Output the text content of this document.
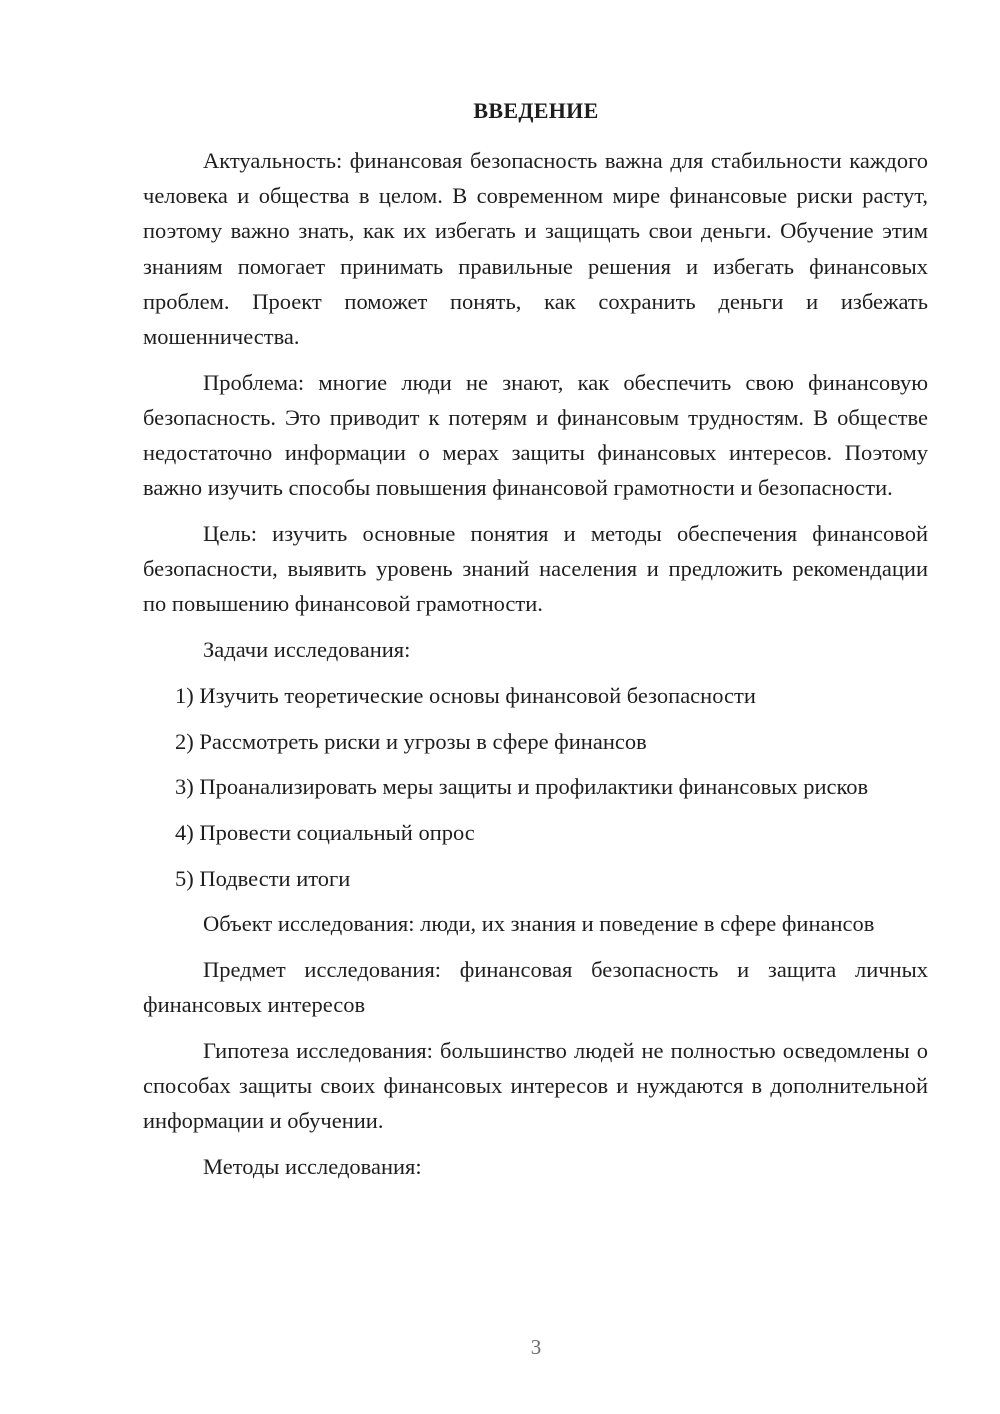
ВВЕДЕНИЕ

Актуальность: финансовая безопасность важна для стабильности каждого человека и общества в целом. В современном мире финансовые риски растут, поэтому важно знать, как их избегать и защищать свои деньги. Обучение этим знаниям помогает принимать правильные решения и избегать финансовых проблем. Проект поможет понять, как сохранить деньги и избежать мошенничества.

Проблема: многие люди не знают, как обеспечить свою финансовую безопасность. Это приводит к потерям и финансовым трудностям. В обществе недостаточно информации о мерах защиты финансовых интересов. Поэтому важно изучить способы повышения финансовой грамотности и безопасности.

Цель: изучить основные понятия и методы обеспечения финансовой безопасности, выявить уровень знаний населения и предложить рекомендации по повышению финансовой грамотности.

Задачи исследования:

1) Изучить теоретические основы финансовой безопасности

2) Рассмотреть риски и угрозы в сфере финансов

3) Проанализировать меры защиты и профилактики финансовых рисков

4) Провести социальный опрос

5) Подвести итоги

Объект исследования: люди, их знания и поведение в сфере финансов

Предмет исследования: финансовая безопасность и защита личных финансовых интересов

Гипотеза исследования: большинство людей не полностью осведомлены о способах защиты своих финансовых интересов и нуждаются в дополнительной информации и обучении.

Методы исследования:

3
